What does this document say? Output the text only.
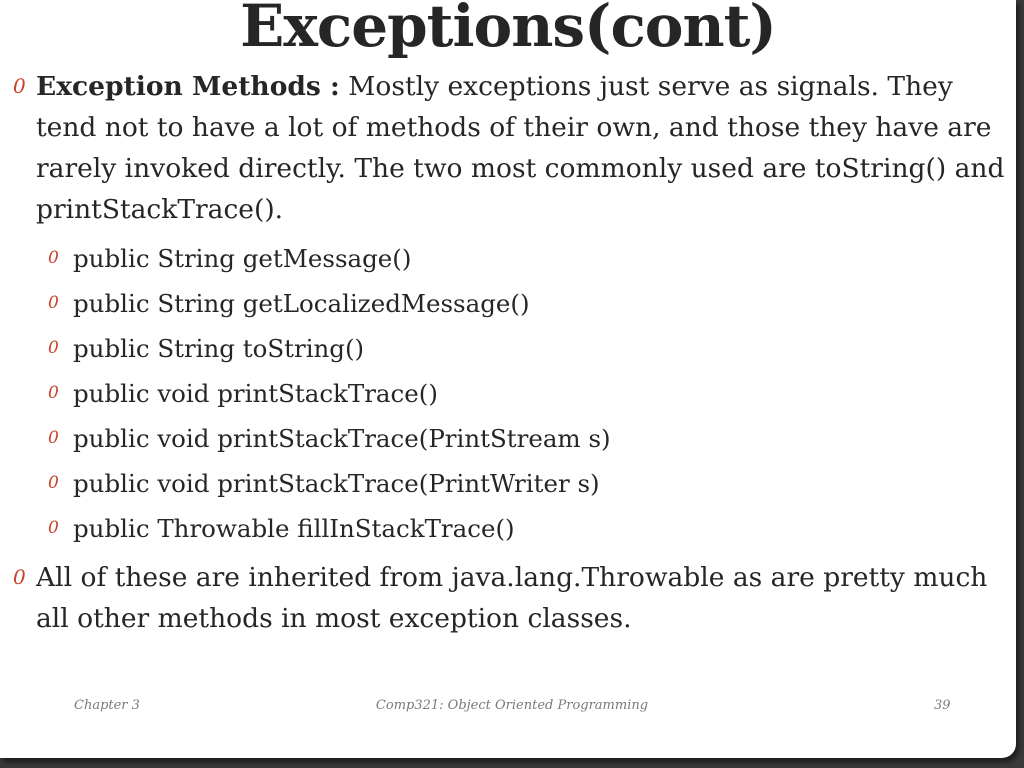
Exceptions(cont)
0 Exception Methods : Mostly exceptions just serve as signals. They tend not to have a lot of methods of their own, and those they have are rarely invoked directly. The two most commonly used are toString() and printStackTrace().
0 public String getMessage()
0 public String getLocalizedMessage()
0 public String toString()
0 public void printStackTrace()
0 public void printStackTrace(PrintStream s)
0 public void printStackTrace(PrintWriter s)
0 public Throwable fillInStackTrace()
0 All of these are inherited from java.lang.Throwable as are pretty much all other methods in most exception classes.
Chapter 3	Comp321: Object Oriented Programming	39
